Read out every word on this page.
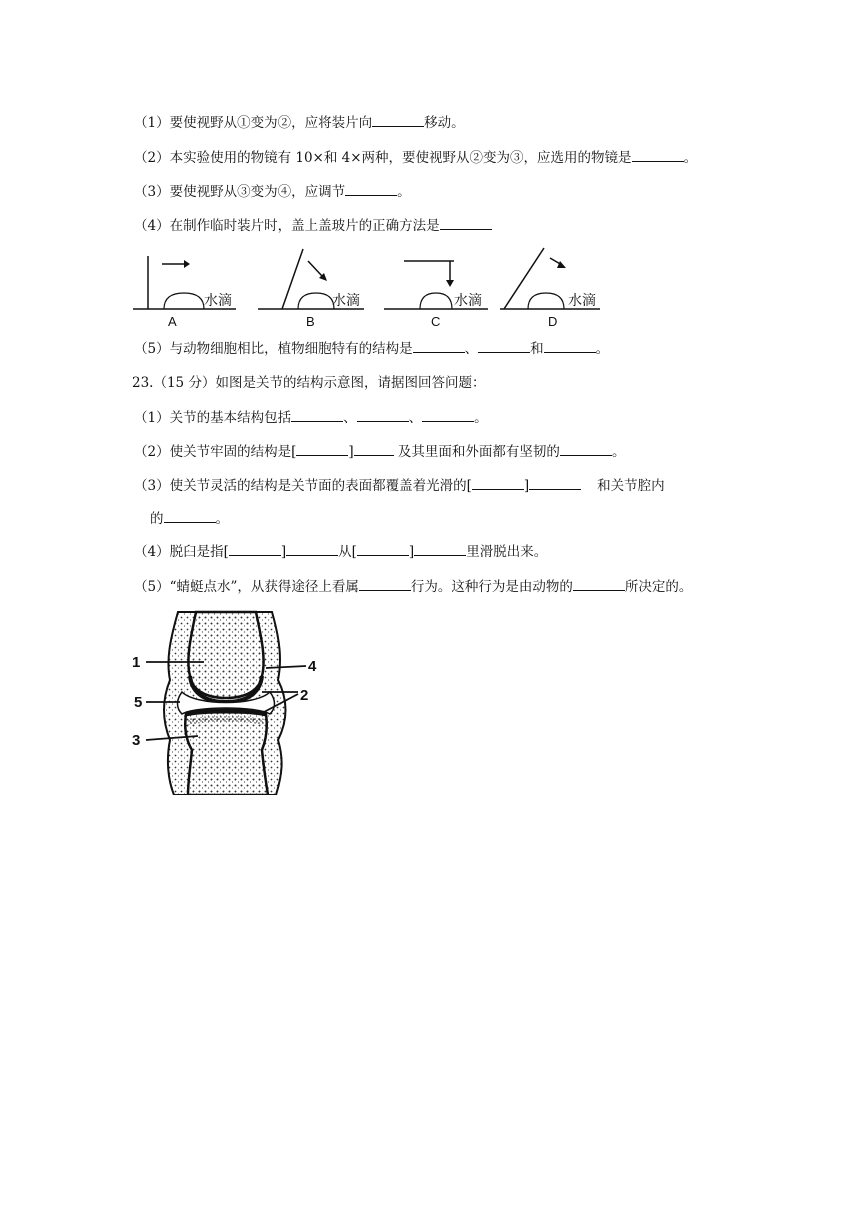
（1）要使视野从①变为②，应将装片向	移动。
（2）本实验使用的物镜有 10×和 4×两种，要使视野从②变为③，应选用的物镜是	。
（3）要使视野从③变为④，应调节	。
（4）在制作临时装片时，盖上盖玻片的正确方法是
水滴
A
水滴
B
水滴
C
水滴
D
（5）与动物细胞相比，植物细胞特有的结构是	、	和	。
23.（15 分）如图是关节的结构示意图，请据图回答问题：
（1）关节的基本结构包括	、	、	。
（2）使关节牢固的结构是[	]	及其里面和外面都有坚韧的	。
（3）使关节灵活的结构是关节面的表面都覆盖着光滑的[	]	和关节腔内
的	。
（4）脱臼是指[	]	从[	]	里滑脱出来。
（5）“蜻蜓点水”，从获得途径上看属	行为。这种行为是由动物的	所决定的。
1
2
3
4
5
